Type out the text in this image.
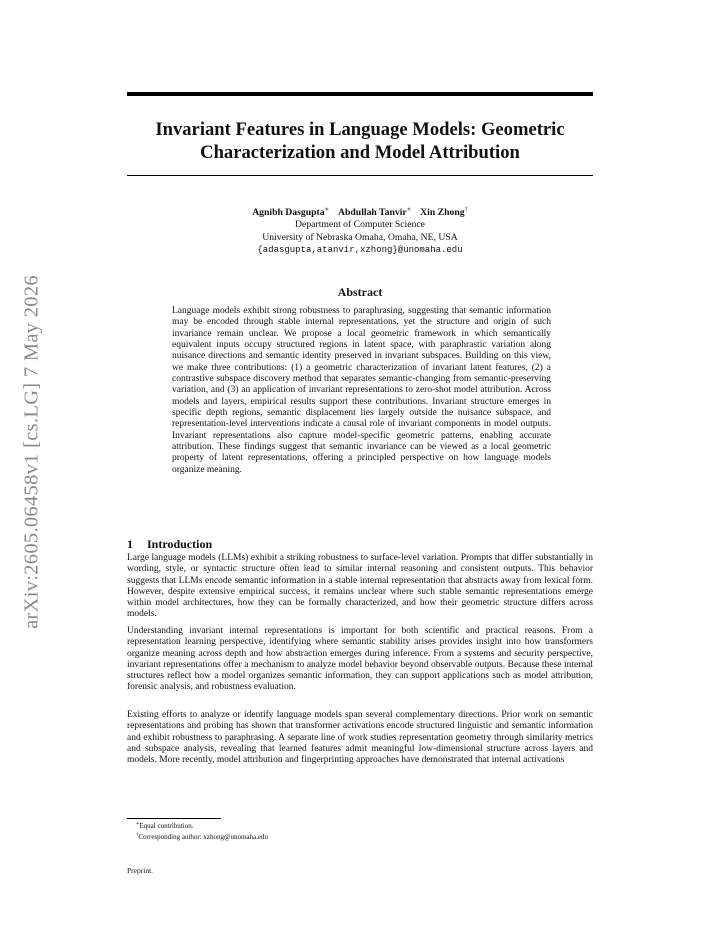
arXiv:2605.06458v1 [cs.LG] 7 May 2026
Invariant Features in Language Models: Geometric
Characterization and Model Attribution
Agnibh Dasgupta∗ Abdullah Tanvir∗ Xin Zhong†
Department of Computer Science
University of Nebraska Omaha, Omaha, NE, USA
{adasgupta,atanvir,xzhong}@unomaha.edu
Abstract
Language models exhibit strong robustness to paraphrasing, suggesting that semantic information may be encoded through stable internal representations, yet the structure and origin of such invariance remain unclear. We propose a local geometric framework in which semantically equivalent inputs occupy structured regions in latent space, with paraphrastic variation along nuisance directions and semantic identity preserved in invariant subspaces. Building on this view, we make three contributions: (1) a geometric characterization of invariant latent features, (2) a contrastive subspace discovery method that separates semantic-changing from semantic-preserving variation, and (3) an application of invariant representations to zero-shot model attribution. Across models and layers, empirical results support these contributions. Invariant structure emerges in specific depth regions, semantic displacement lies largely outside the nuisance subspace, and representation-level interventions indicate a causal role of invariant components in model outputs. Invariant representations also capture model-specific geometric patterns, enabling accurate attribution. These findings suggest that semantic invariance can be viewed as a local geometric property of latent representations, offering a principled perspective on how language models organize meaning.
1 Introduction

Large language models (LLMs) exhibit a striking robustness to surface-level variation. Prompts that differ substantially in wording, style, or syntactic structure often lead to similar internal reasoning and consistent outputs. This behavior suggests that LLMs encode semantic information in a stable internal representation that abstracts away from lexical form. However, despite extensive empirical success, it remains unclear where such stable semantic representations emerge within model architectures, how they can be formally characterized, and how their geometric structure differs across models.

Understanding invariant internal representations is important for both scientific and practical reasons. From a representation learning perspective, identifying where semantic stability arises provides insight into how transformers organize meaning across depth and how abstraction emerges during inference. From a systems and security perspective, invariant representations offer a mechanism to analyze model behavior beyond observable outputs. Because these internal structures reflect how a model organizes semantic information, they can support applications such as model attribution, forensic analysis, and robustness evaluation.

Existing efforts to analyze or identify language models span several complementary directions. Prior work on semantic representations and probing has shown that transformer activations encode structured linguistic and semantic information and exhibit robustness to paraphrasing. A separate line of work studies representation geometry through similarity metrics and subspace analysis, revealing that learned features admit meaningful low-dimensional structure across layers and models. More recently, model attribution and fingerprinting approaches have demonstrated that internal activations

∗Equal contribution.
†Corresponding author: xzhong@unomaha.edu
Preprint.
